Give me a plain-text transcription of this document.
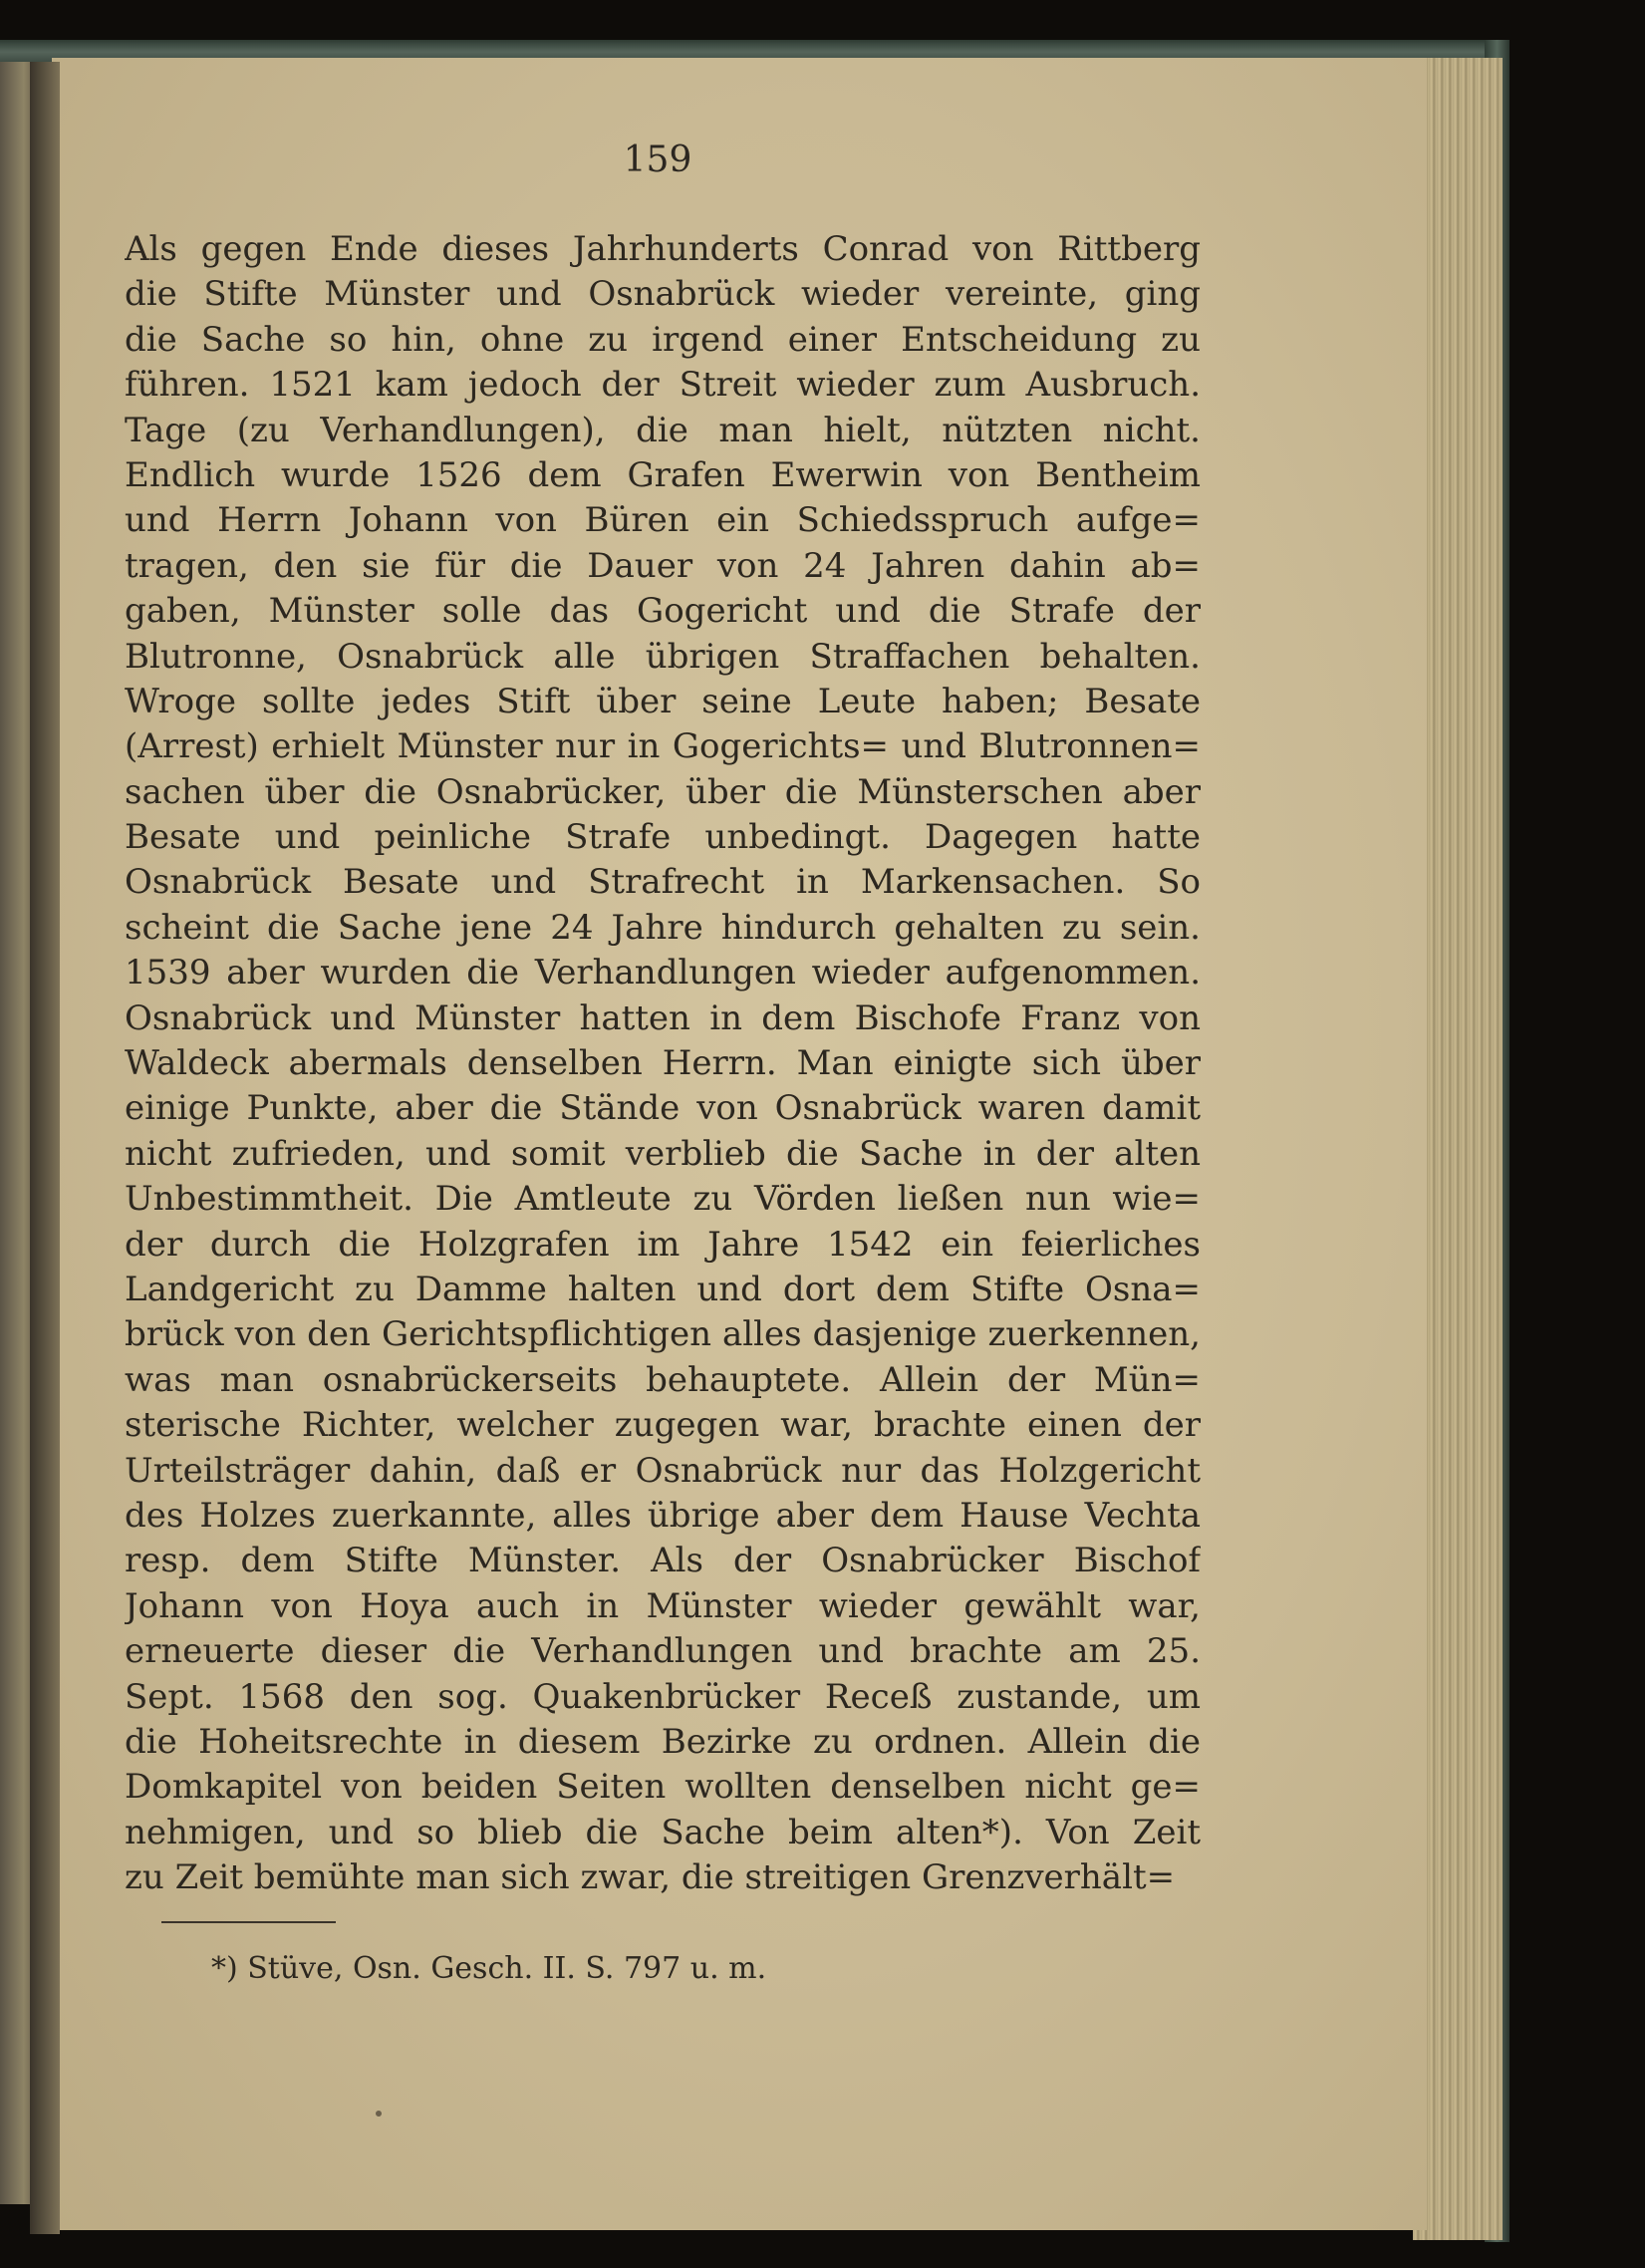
159
Als gegen Ende dieses Jahrhunderts Conrad von Rittberg
die Stifte Münster und Osnabrück wieder vereinte, ging
die Sache so hin, ohne zu irgend einer Entscheidung zu
führen. 1521 kam jedoch der Streit wieder zum Ausbruch.
Tage (zu Verhandlungen), die man hielt, nützten nicht.
Endlich wurde 1526 dem Grafen Ewerwin von Bentheim
und Herrn Johann von Büren ein Schiedsspruch aufge=
tragen, den sie für die Dauer von 24 Jahren dahin ab=
gaben, Münster solle das Gogericht und die Strafe der
Blutronne, Osnabrück alle übrigen Straffachen behalten.
Wroge sollte jedes Stift über seine Leute haben; Besate
(Arrest) erhielt Münster nur in Gogerichts= und Blutronnen=
sachen über die Osnabrücker, über die Münsterschen aber
Besate und peinliche Strafe unbedingt. Dagegen hatte
Osnabrück Besate und Strafrecht in Markensachen. So
scheint die Sache jene 24 Jahre hindurch gehalten zu sein.
1539 aber wurden die Verhandlungen wieder aufgenommen.
Osnabrück und Münster hatten in dem Bischofe Franz von
Waldeck abermals denselben Herrn. Man einigte sich über
einige Punkte, aber die Stände von Osnabrück waren damit
nicht zufrieden, und somit verblieb die Sache in der alten
Unbestimmtheit. Die Amtleute zu Vörden ließen nun wie=
der durch die Holzgrafen im Jahre 1542 ein feierliches
Landgericht zu Damme halten und dort dem Stifte Osna=
brück von den Gerichtspflichtigen alles dasjenige zuerkennen,
was man osnabrückerseits behauptete. Allein der Mün=
sterische Richter, welcher zugegen war, brachte einen der
Urteilsträger dahin, daß er Osnabrück nur das Holzgericht
des Holzes zuerkannte, alles übrige aber dem Hause Vechta
resp. dem Stifte Münster. Als der Osnabrücker Bischof
Johann von Hoya auch in Münster wieder gewählt war,
erneuerte dieser die Verhandlungen und brachte am 25.
Sept. 1568 den sog. Quakenbrücker Receß zustande, um
die Hoheitsrechte in diesem Bezirke zu ordnen. Allein die
Domkapitel von beiden Seiten wollten denselben nicht ge=
nehmigen, und so blieb die Sache beim alten*). Von Zeit
zu Zeit bemühte man sich zwar, die streitigen Grenzverhält=
*) Stüve, Osn. Gesch. II. S. 797 u. m.
